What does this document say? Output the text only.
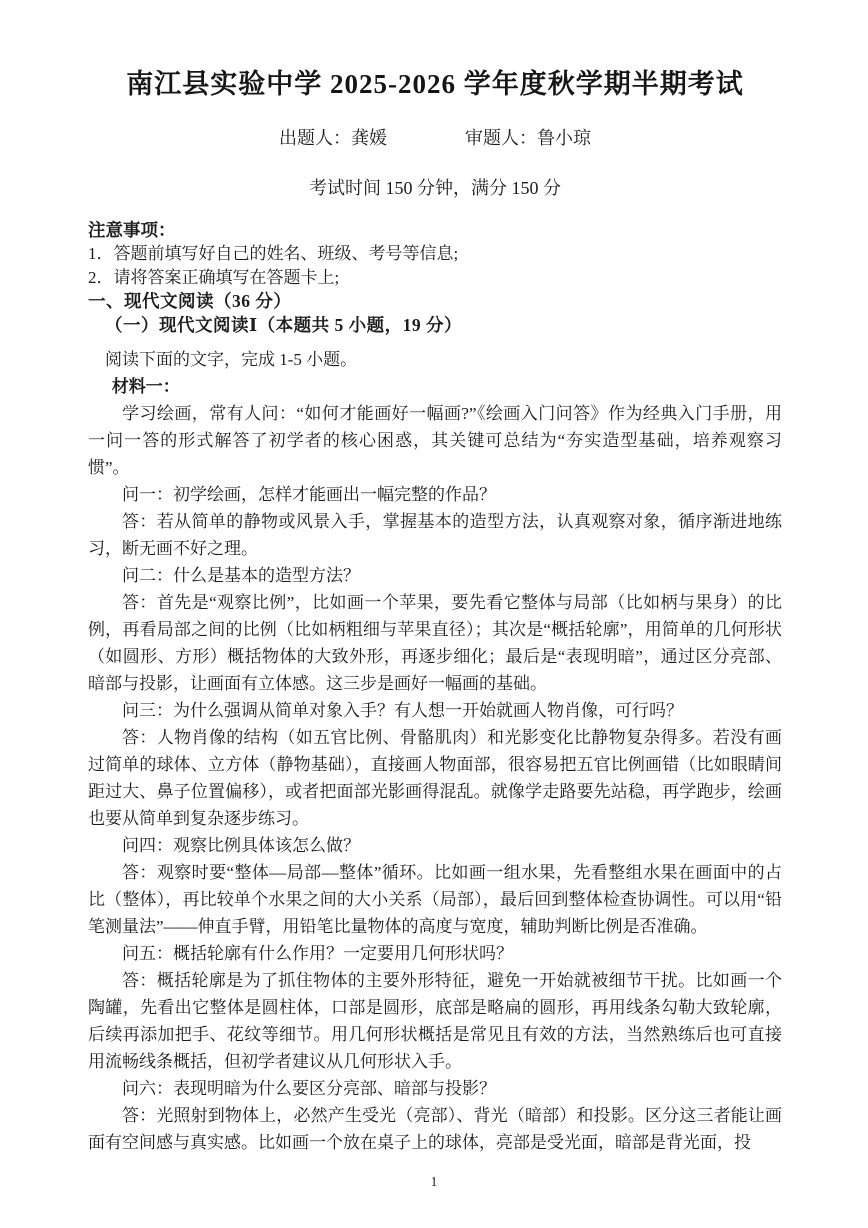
南江县实验中学 2025-2026 学年度秋学期半期考试
出题人：龚媛	审题人：鲁小琼
考试时间 150 分钟，满分 150 分
注意事项：
1．答题前填写好自己的姓名、班级、考号等信息;
2．请将答案正确填写在答题卡上;
一、现代文阅读（36 分）
（一）现代文阅读Ⅰ（本题共 5 小题，19 分）
阅读下面的文字，完成 1-5 小题。
材料一：

学习绘画，常有人问：“如何才能画好一幅画?”《绘画入门问答》作为经典入门手册，用一问一答的形式解答了初学者的核心困惑，其关键可总结为“夯实造型基础，培养观察习惯”。

问一：初学绘画，怎样才能画出一幅完整的作品？

答：若从简单的静物或风景入手，掌握基本的造型方法，认真观察对象，循序渐进地练习，断无画不好之理。

问二：什么是基本的造型方法？

答：首先是“观察比例”，比如画一个苹果，要先看它整体与局部（比如柄与果身）的比例，再看局部之间的比例（比如柄粗细与苹果直径）；其次是“概括轮廓”，用简单的几何形状（如圆形、方形）概括物体的大致外形，再逐步细化；最后是“表现明暗”，通过区分亮部、暗部与投影，让画面有立体感。这三步是画好一幅画的基础。

问三：为什么强调从简单对象入手？有人想一开始就画人物肖像，可行吗？

答：人物肖像的结构（如五官比例、骨骼肌肉）和光影变化比静物复杂得多。若没有画过简单的球体、立方体（静物基础），直接画人物面部，很容易把五官比例画错（比如眼睛间距过大、鼻子位置偏移），或者把面部光影画得混乱。就像学走路要先站稳，再学跑步，绘画也要从简单到复杂逐步练习。

问四：观察比例具体该怎么做？

答：观察时要“整体—局部—整体”循环。比如画一组水果，先看整组水果在画面中的占比（整体），再比较单个水果之间的大小关系（局部），最后回到整体检查协调性。可以用“铅笔测量法”——伸直手臂，用铅笔比量物体的高度与宽度，辅助判断比例是否准确。

问五：概括轮廓有什么作用？一定要用几何形状吗？

答：概括轮廓是为了抓住物体的主要外形特征，避免一开始就被细节干扰。比如画一个陶罐，先看出它整体是圆柱体，口部是圆形，底部是略扁的圆形，再用线条勾勒大致轮廓，后续再添加把手、花纹等细节。用几何形状概括是常见且有效的方法，当然熟练后也可直接用流畅线条概括，但初学者建议从几何形状入手。

问六：表现明暗为什么要区分亮部、暗部与投影？

答：光照射到物体上，必然产生受光（亮部）、背光（暗部）和投影。区分这三者能让画面有空间感与真实感。比如画一个放在桌子上的球体，亮部是受光面，暗部是背光面，投

1
